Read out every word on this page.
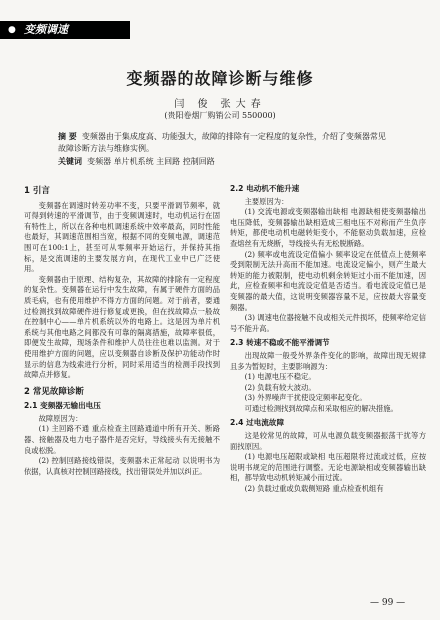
● 变频调速
变频器的故障诊断与维修
闫 俊 张大春
(贵阳卷烟厂购销公司 550000)
摘 要 变频器由于集成度高、功能强大，故障的排除有一定程度的复杂性，介绍了变频器常见故障诊断方法与维修实例。
关键词 变频器 单片机系统 主回路 控制回路
1 引言

变频器在调速时转差功率不变，只要平滑调节频率，就可得到转速的平滑调节，由于变频调速时，电动机运行在固有特性上，所以在各种电机调速系统中效率最高，同时性能也最好，其调速范围相当宽，根据不同的变频电源，调速范围可在100:1上，甚至可从零频率开始运行，并保持其指标，是交流调速的主要发展方向，在现代工业中已广泛使用。

变频器由于原理、结构复杂，其故障的排除有一定程度的复杂性。变频器在运行中发生故障，有属于硬件方面的品质毛病，也有使用维护不得方方面的问题。对于前者，要通过检测找到故障硬件进行修复或更换，但在找故障点一般故在控制中心——单片机系统以外的电路上。这是因为单片机系统与其他电路之间都没有可靠的隔离措施，故障率很低，即便发生故障，现场条件和维护人员往往也难以监测。对于使用维护方面的问题，应以变频器自诊断及保护功能动作时显示的信息为线索进行分析，同时采用适当的检测手段找到故障点并修复。

2 常见故障诊断
2.1 变频器无输出电压

故障原因为：

(1) 主回路不通 重点检查主回路通道中所有开关、断路器、接触器及电力电子器件是否完好，导线接头有无接触不良或松脱。

(2) 控制回路接线错误，变频器未正常起动 以说明书为依据，认真核对控制回路接线，找出错误处并加以纠正。

2.2 电动机不能升速

主要原因为：

(1) 交流电源或变频器输出缺相 电源缺相使变频器输出电压降低，变频器输出缺相造成三相电压不对称而产生负序转矩，都使电动机电磁转矩变小，不能驱动负载加速，应检查熔丝有无烧断，导线接头有无松脱断路。

(2) 频率或电流设定值偏小 频率设定在低值点上使频率受到限制无法升高而不能加速。电流设定偏小，则产生最大转矩的能力被限制，使电动机剩余转矩过小而不能加速，因此，应检查频率和电流设定值是否适当。看电流设定值已是变频器的最大值，这说明变频器容量不足，应按最大容量变频器。

(3) 调速电位器接触不良或相关元件损坏，使频率给定信号不能升高。

2.3 转速不稳或不能平滑调节

出现故障一般受外界条件变化的影响，故障出现无规律且多为暂短时，主要影响源为：

(1) 电源电压不稳定。

(2) 负载有较大波动。

(3) 外界噪声干扰使设定频率起变化。

可通过检测找到故障点和采取相应的解决措施。

2.4 过电流故障

这是较常见的故障，可从电源负载变频器振荡干扰等方面找原因。

(1) 电源电压超限或缺相 电压超限将过流或过低，应按说明书规定的范围进行调整。无论电源缺相或变频器输出缺相，都导致电动机转矩减小而过流。

(2) 负载过重或负载侧短路 重点检查机组有

— 99 —
